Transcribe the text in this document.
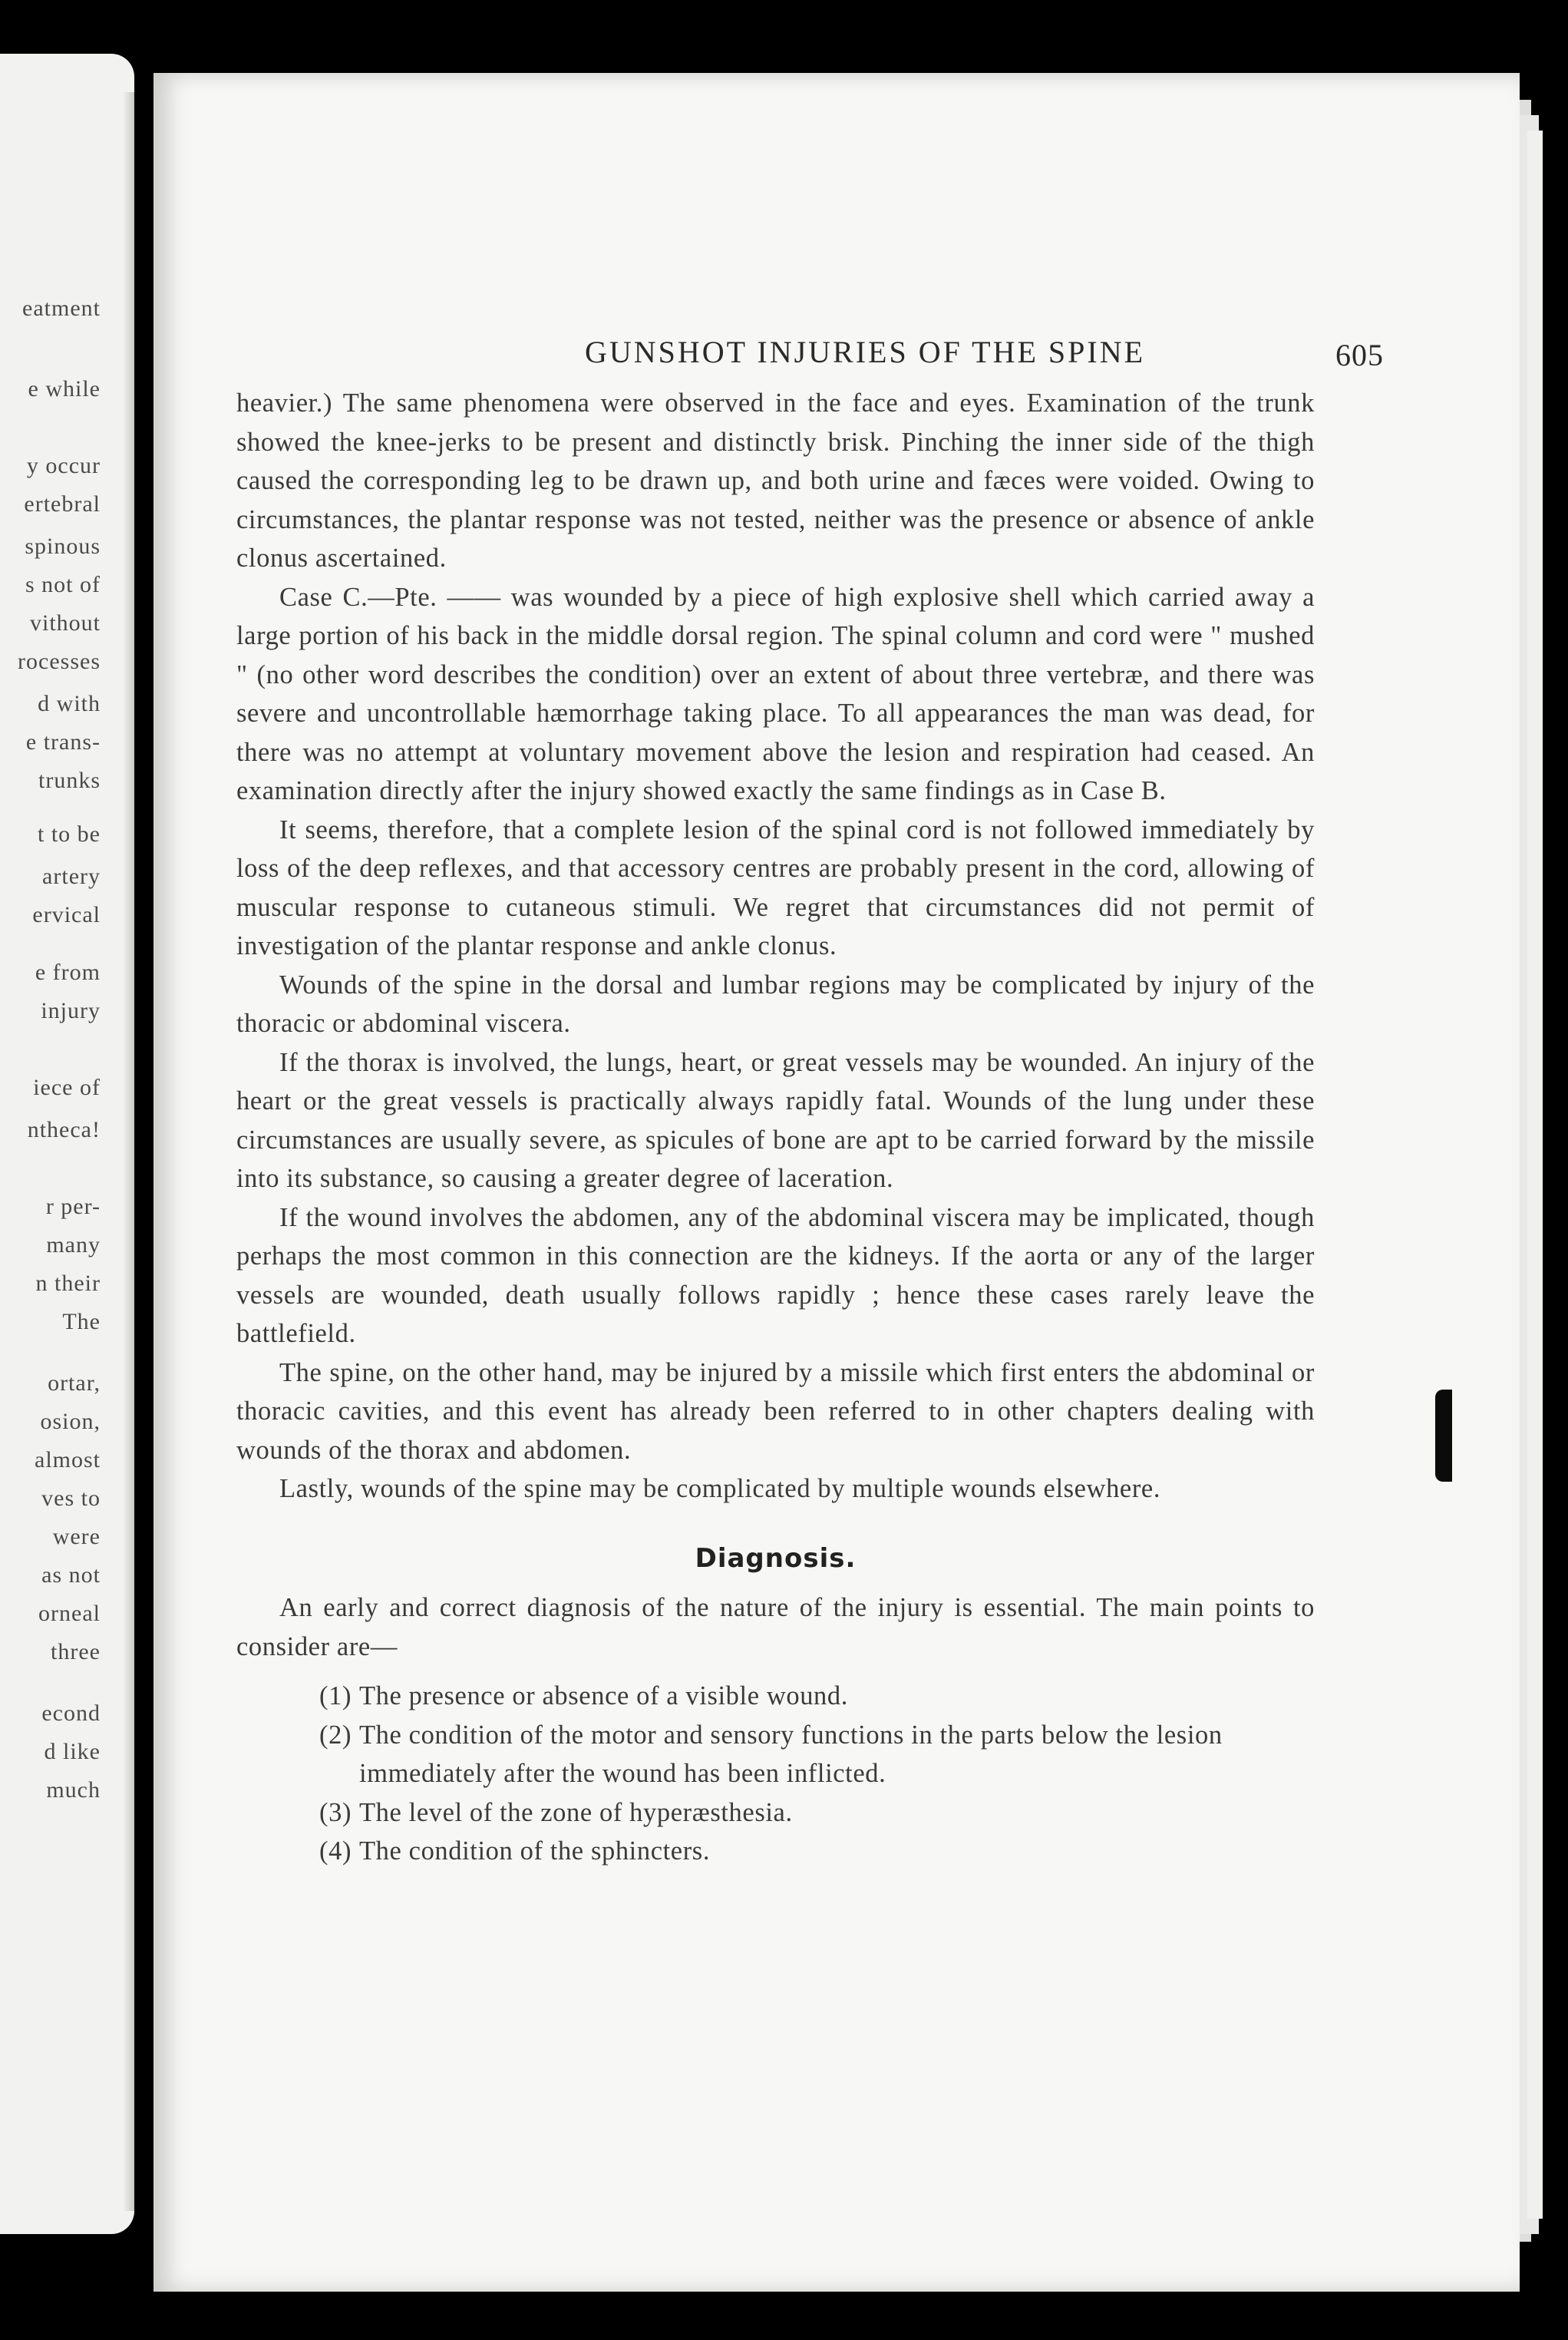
eatment
e while
y occur
ertebral
spinous
s not of
vithout
rocesses
d with
e trans-
trunks
t to be
artery
ervical
e from
injury
iece of
ntheca!
r per-
many
n their
The
ortar,
osion,
almost
ves to
were
as not
orneal
three
econd
d like
much
GUNSHOT INJURIES OF THE SPINE	605

heavier.) The same phenomena were observed in the face and eyes. Examination of the trunk showed the knee-jerks to be present and distinctly brisk. Pinching the inner side of the thigh caused the corresponding leg to be drawn up, and both urine and fæces were voided. Owing to circumstances, the plantar response was not tested, neither was the presence or absence of ankle clonus ascertained.

Case C.—Pte. —— was wounded by a piece of high explosive shell which carried away a large portion of his back in the middle dorsal region. The spinal column and cord were " mushed " (no other word describes the condition) over an extent of about three vertebræ, and there was severe and uncontrollable hæmorrhage taking place. To all appearances the man was dead, for there was no attempt at voluntary movement above the lesion and respiration had ceased. An examination directly after the injury showed exactly the same findings as in Case B.

It seems, therefore, that a complete lesion of the spinal cord is not followed immediately by loss of the deep reflexes, and that accessory centres are probably present in the cord, allowing of muscular response to cutaneous stimuli. We regret that circumstances did not permit of investigation of the plantar response and ankle clonus.

Wounds of the spine in the dorsal and lumbar regions may be complicated by injury of the thoracic or abdominal viscera.

If the thorax is involved, the lungs, heart, or great vessels may be wounded. An injury of the heart or the great vessels is practically always rapidly fatal. Wounds of the lung under these circumstances are usually severe, as spicules of bone are apt to be carried forward by the missile into its substance, so causing a greater degree of laceration.

If the wound involves the abdomen, any of the abdominal viscera may be implicated, though perhaps the most common in this connection are the kidneys. If the aorta or any of the larger vessels are wounded, death usually follows rapidly ; hence these cases rarely leave the battlefield.

The spine, on the other hand, may be injured by a missile which first enters the abdominal or thoracic cavities, and this event has already been referred to in other chapters dealing with wounds of the thorax and abdomen.

Lastly, wounds of the spine may be complicated by multiple wounds elsewhere.

Diagnosis.

An early and correct diagnosis of the nature of the injury is essential. The main points to consider are—

(1) The presence or absence of a visible wound.
(2) The condition of the motor and sensory functions in the parts below the lesion immediately after the wound has been inflicted.
(3) The level of the zone of hyperæsthesia.
(4) The condition of the sphincters.
